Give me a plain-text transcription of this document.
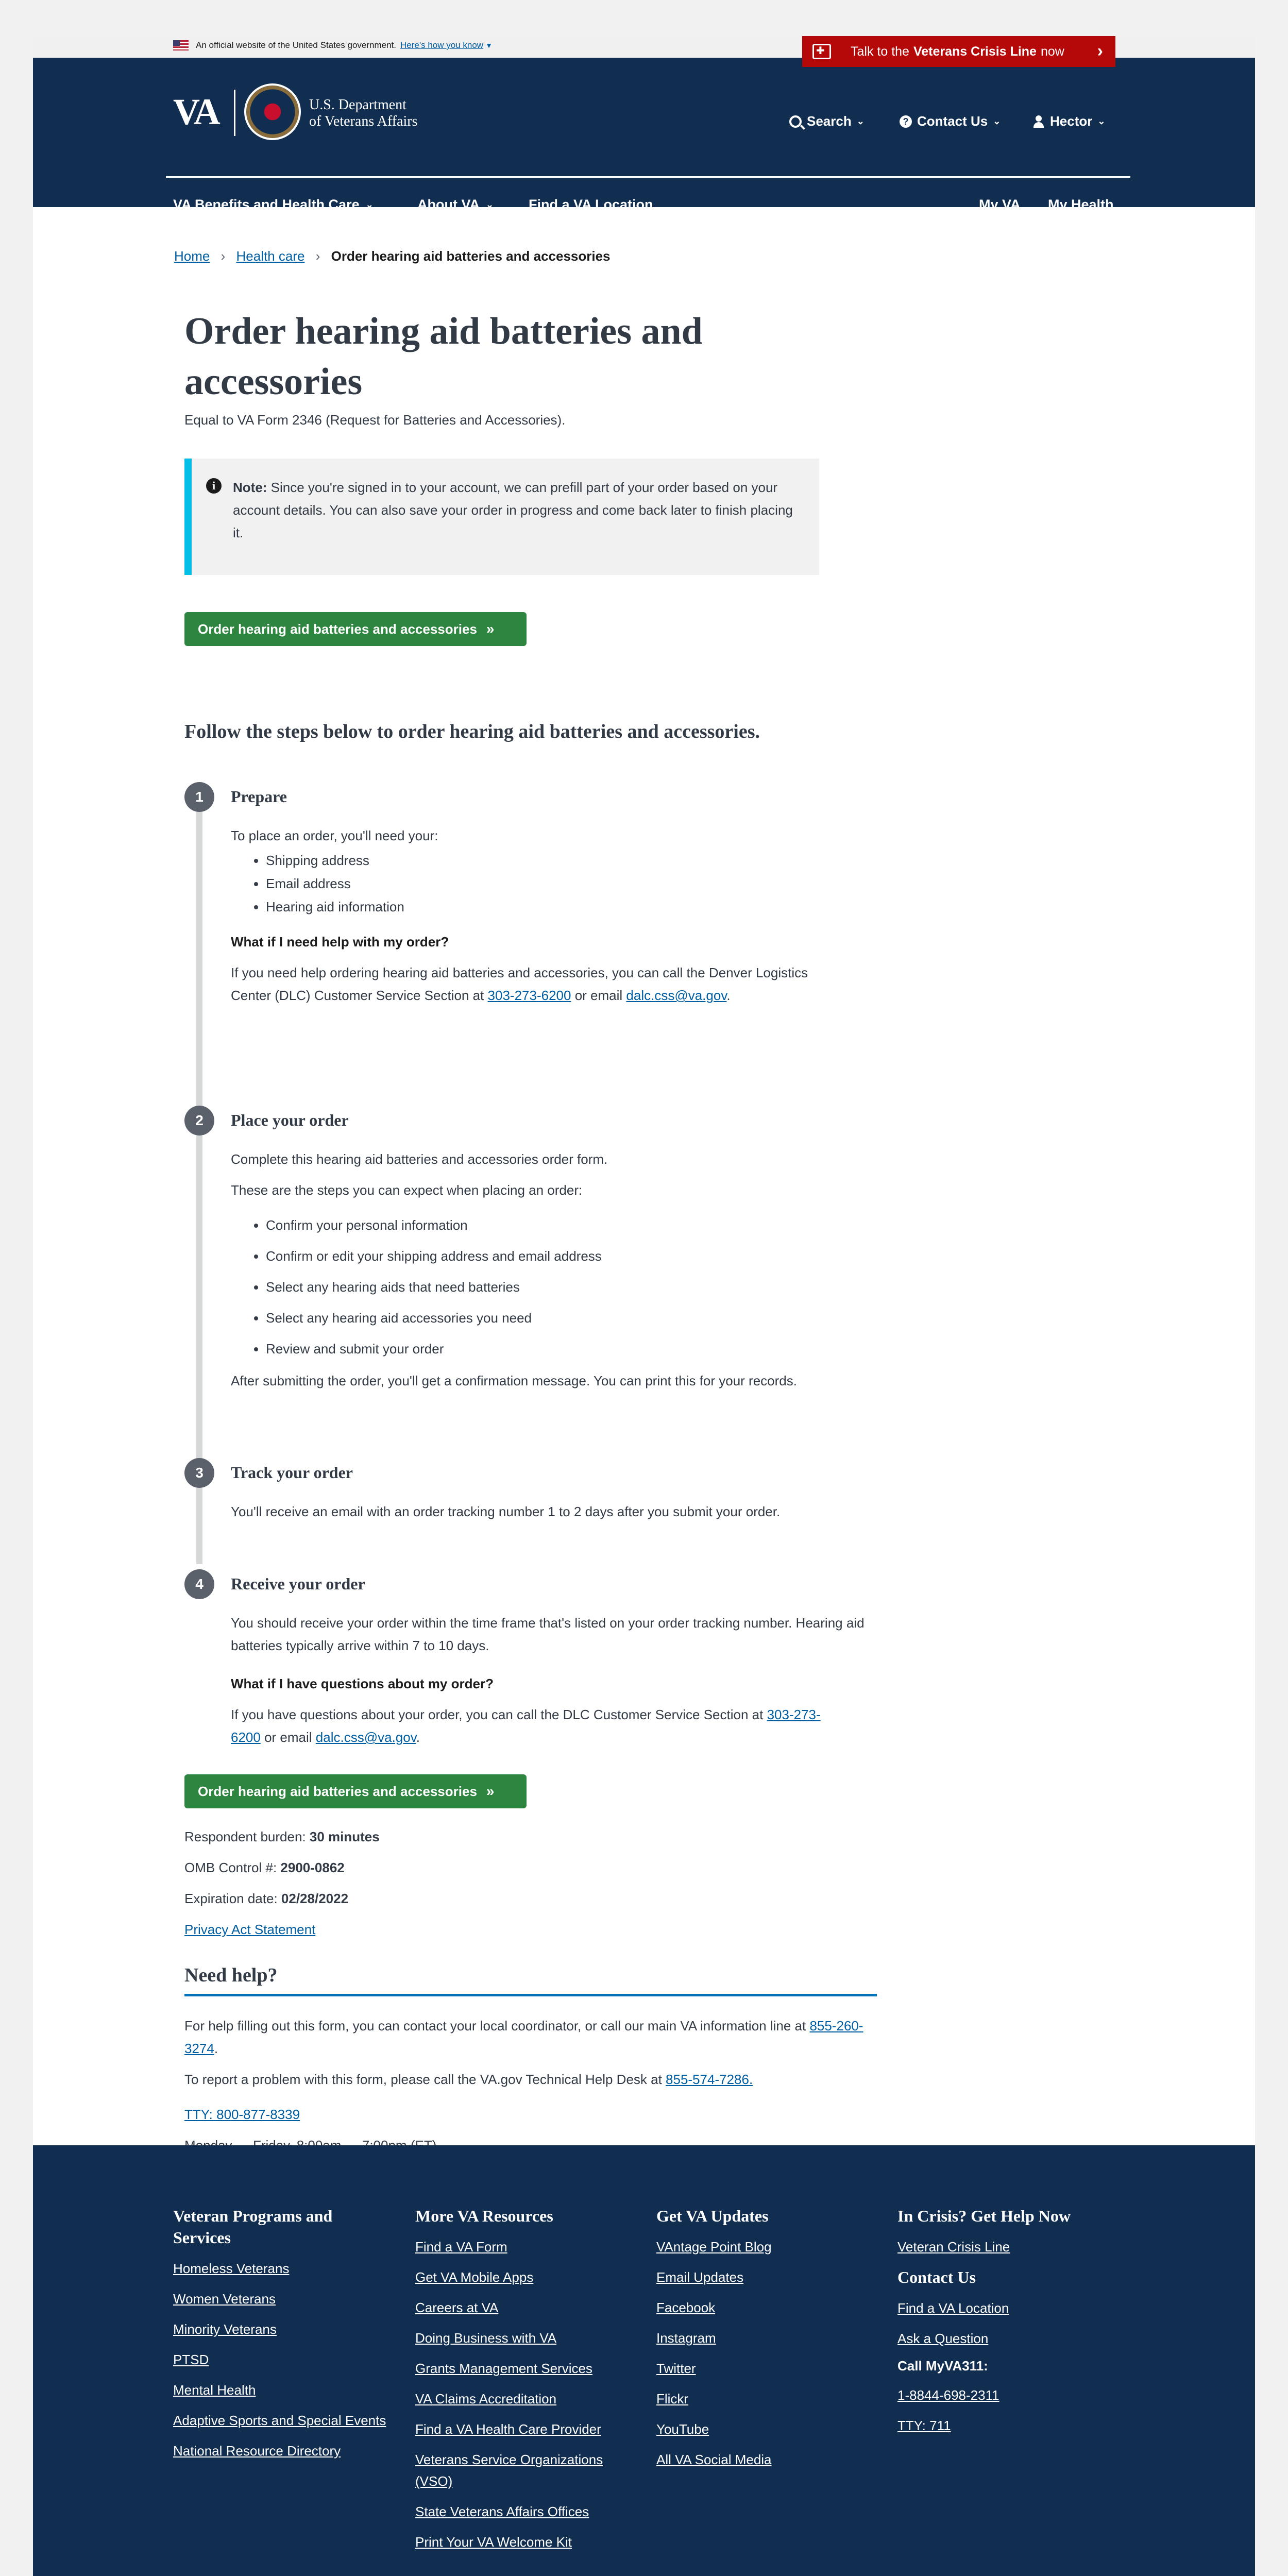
An official website of the United States government. Here's how you know ▼
✚	Talk to the Veterans Crisis Line now ›
VA	U.S. Department
of Veterans Affairs	Search ⌄	? Contact Us ⌄	Hector ⌄
VA Benefits and Health Care ⌄	About VA ⌄	Find a VA Location	My VA My Health
Home › Health care › Order hearing aid batteries and accessories
Order hearing aid batteries and accessories
Equal to VA Form 2346 (Request for Batteries and Accessories).
i	Note: Since you're signed in to your account, we can prefill part of your order based on your account details. You can also save your order in progress and come back later to finish placing it.

Order hearing aid batteries and accessories »
Follow the steps below to order hearing aid batteries and accessories.
1	Prepare
To place an order, you'll need your:
• Shipping address
• Email address
• Hearing aid information
What if I need help with my order?
If you need help ordering hearing aid batteries and accessories, you can call the Denver Logistics Center (DLC) Customer Service Section at 303-273-6200 or email dalc.css@va.gov.
2	Place your order
Complete this hearing aid batteries and accessories order form.
These are the steps you can expect when placing an order:
• Confirm your personal information
• Confirm or edit your shipping address and email address
• Select any hearing aids that need batteries
• Select any hearing aid accessories you need
• Review and submit your order
After submitting the order, you'll get a confirmation message. You can print this for your records.
3	Track your order
You'll receive an email with an order tracking number 1 to 2 days after you submit your order.
4	Receive your order
You should receive your order within the time frame that's listed on your order tracking number. Hearing aid batteries typically arrive within 7 to 10 days.
What if I have questions about my order?
If you have questions about your order, you can call the DLC Customer Service Section at 303-273-6200 or email dalc.css@va.gov.
Order hearing aid batteries and accessories »
Respondent burden: 30 minutes
OMB Control #: 2900-0862
Expiration date: 02/28/2022
Privacy Act Statement
Need help?
For help filling out this form, you can contact your local coordinator, or call our main VA information line at 855-260-3274.
To report a problem with this form, please call the VA.gov Technical Help Desk at 855-574-7286.
TTY: 800-877-8339
Veteran Programs and Services
Homeless Veterans
Women Veterans
Minority Veterans
PTSD
Mental Health
Adaptive Sports and Special Events
National Resource Directory
More VA Resources
Find a VA Form
Get VA Mobile Apps
Careers at VA
Doing Business with VA
Grants Management Services
VA Claims Accreditation
Find a VA Health Care Provider
Veterans Service Organizations (VSO)
State Veterans Affairs Offices
Print Your VA Welcome Kit
Get VA Updates
VAntage Point Blog
Email Updates
Facebook
Instagram
Twitter
Flickr
YouTube
All VA Social Media
In Crisis? Get Help Now
Veteran Crisis Line
Contact Us
Find a VA Location
Ask a Question
Call MyVA311:
1-8844-698-2311
TTY: 711
